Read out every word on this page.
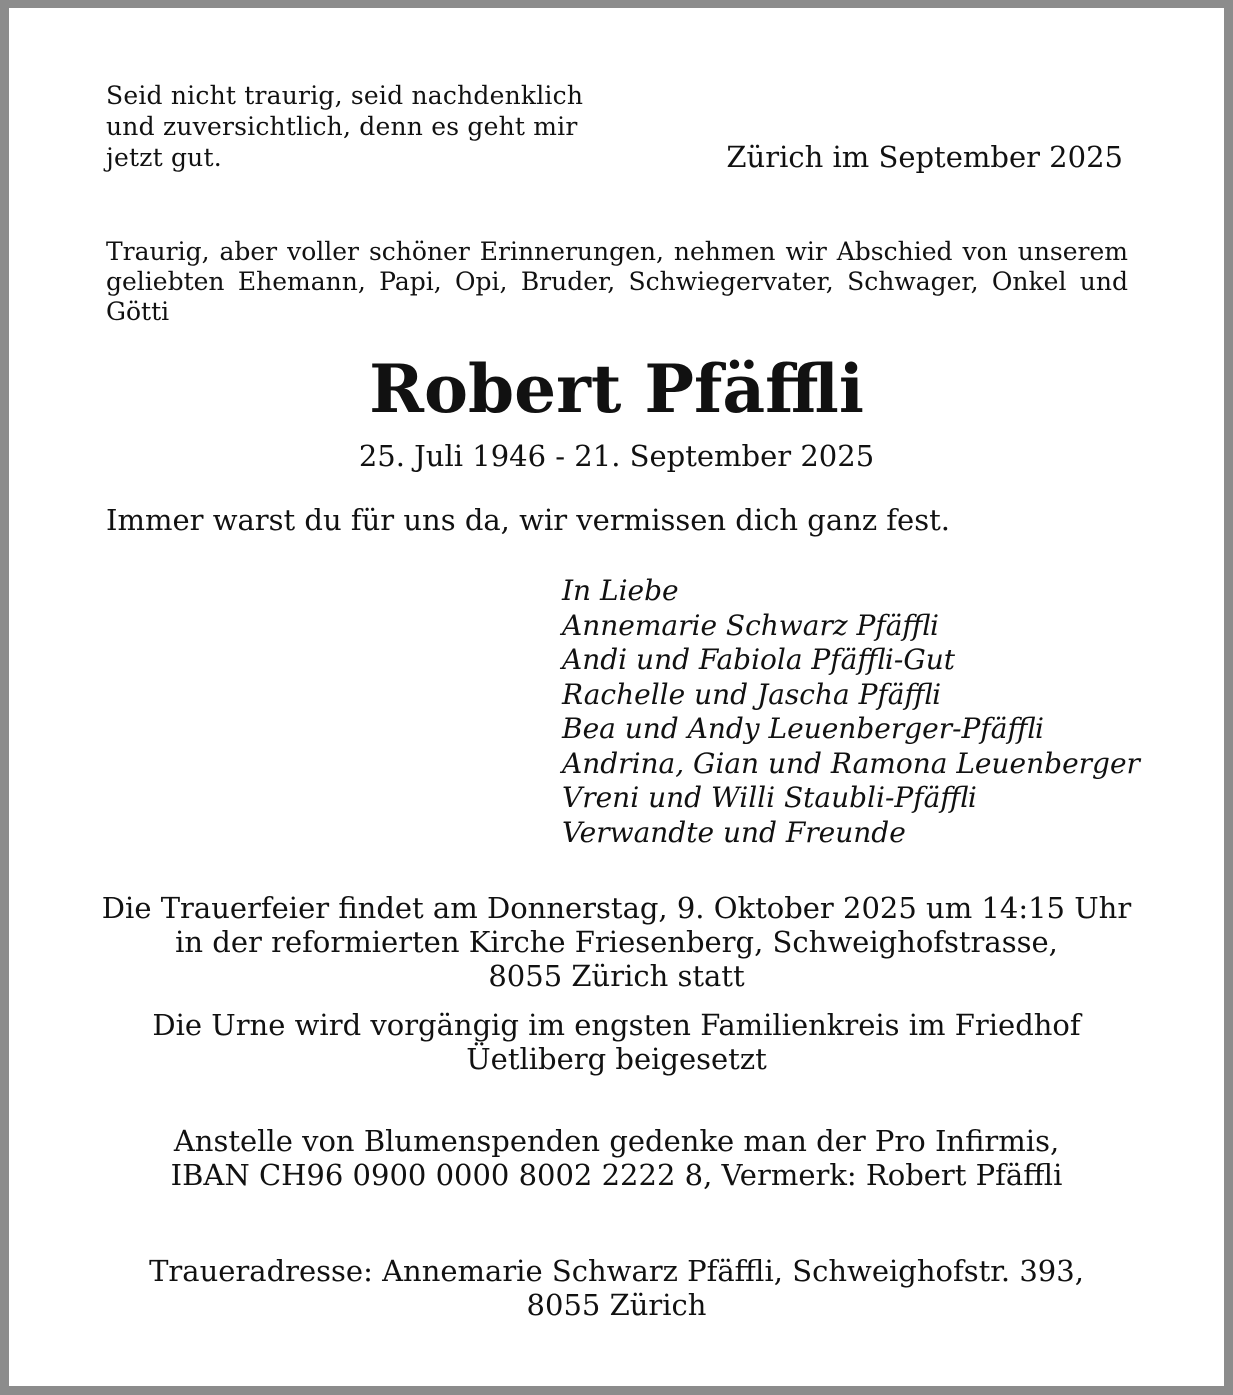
Seid nicht traurig, seid nachdenklich
und zuversichtlich, denn es geht mir
jetzt gut.	Zürich im September 2025

Traurig, aber voller schöner Erinnerungen, nehmen wir Abschied von unserem geliebten Ehemann, Papi, Opi, Bruder, Schwiegervater, Schwager, Onkel und Götti

Robert Pfäffli

25. Juli 1946 - 21. September 2025

Immer warst du für uns da, wir vermissen dich ganz fest.

In Liebe
Annemarie Schwarz Pfäffli
Andi und Fabiola Pfäffli-Gut
Rachelle und Jascha Pfäffli
Bea und Andy Leuenberger-Pfäffli
Andrina, Gian und Ramona Leuenberger
Vreni und Willi Staubli-Pfäffli
Verwandte und Freunde
Die Trauerfeier findet am Donnerstag, 9. Oktober 2025 um 14:15 Uhr
in der reformierten Kirche Friesenberg, Schweighofstrasse,
8055 Zürich statt
Die Urne wird vorgängig im engsten Familienkreis im Friedhof
Üetliberg beigesetzt
Anstelle von Blumenspenden gedenke man der Pro Infirmis,
IBAN CH96 0900 0000 8002 2222 8, Vermerk: Robert Pfäffli
Traueradresse: Annemarie Schwarz Pfäffli, Schweighofstr. 393,
8055 Zürich
